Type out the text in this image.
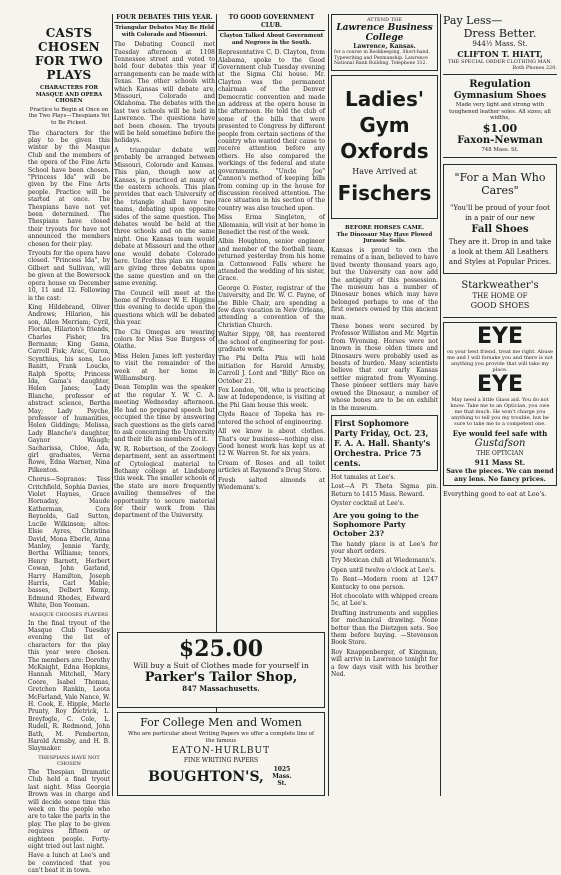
CASTS CHOSEN FOR TWO PLAYS
CHARACTERS FOR MASQUE AND OPERA CHOSEN
Practice to Begin at Once on the Two Plays—Thespians Yet to Be Picked.

The characters for the play to be given this winter by the Masque Club and the members of the opera of the Fine Arts School have been chosen. "Princess Ida" will be given by the Fine Arts people. Practice will be started at once. The Thespians have not yet been determined. The Thespians have closed their tryouts for have not announced the members chosen for their play.

Tryouts for the opera have closed. "Princess Ida", by Gilbert and Sullivan, will be given at the Bowersock opera house on December 10, 11 and 12. Following is the cast:

King Hildebrand, Oliver Andrews; Hilarion, his son, Allen Merriam; Cyril, Florian, Hilarion's friends, Charles Fisher, Ira Bermann; King Gama, Carroll Fisk; Arac, Guron, Scynthius, his sons, Leo Banitt, Frank Loucks, Ralph Spotts; Princess Ida, Gama's daughter, Helen Janes; Lady Blanche, professor of abstract science, Bertha May; Lady Psyche, professor of humanities, Helen Giddings; Melissa, Lady Blanche's daughter, Gaynor Waugh; Sacharissa, Chloe, Ada, girl graduates, Verna Rowe, Edna Warner, Nina Pilkenton.

Chorus—Sopranos: Tess Critchfield, Sophia Davies, Violet Haynes, Grace Hornaday, Maude Katherman, Cora Reynolds, Gail Sutton, Lucile Wilkinson; altos: Elsie Ayres, Christina David, Mona Eberle, Anna Manley, Jennie Yardy, Bertha Williams; tenors, Henry Barnett, Herbert Cowan, John Garland, Harry Hamilton, Joseph Harris, Carl Mabie; basses, Delbert Kemp, Edmund Rhodes, Edward White, Don Yeoman.

MASQUE CHOOSES PLAYERS

In the final tryout of the Masque Club Tuesday evening the list of characters for the play this year were chosen. The members are: Dorothy McKnight, Edna Hopkins, Hannah Mitchell, Mary Coore, Isabel Thomas, Gretchen Rankin, Leota McFarland, Vale Nance, W. H. Cook, E. Hipple, Merle Prunty, Roy Dietrick, L. Breyfogle, C. Cole, L. Rudell, R. Redmond, John Bath, M. Pemberton, Harold Armsby, and H. B. Slaymaker.

THESPIANS HAVE NOT CHOSEN

The Thespian Dramatic Club held a final tryout last night. Miss Georgia Brown was in charge and will decide some time this week on the people who are to take the parts in the play. The play to be given requires fifteen or eighteen people. Forty-eight tried out last night.

Have a lunch at Lee's and be convinced that you can't beat it in town.

FOUR DEBATES THIS YEAR.
Triangular Debates May Be Held with Colorado and Missouri.

The Debating Council met Tuesday afternoon at 1108 Tennessee street and voted to hold four debates this year if arrangements can be made with Texas. The other schools with which Kansas will debate are, Missouri, Colorado and Oklahoma. The debates with the last two schools will be held in Lawrence. The questions have not been chosen. The tryouts will be held sometime before the holidays.

A triangular debate will probably be arranged between Missouri, Colorado and Kansas. This plan, though new at Kansas, is practiced at many of the eastern schools. This plan provides that each University of the triangle shall have two teams, debating upon opposite sides of the same question. The debates would be held at the three schools and on the same night. One Kansas team would debate at Missouri and the other one would debate Colorado here. Under this plan six teams are giving three debates upon the same question and on the same evening.

The Council will meet at the home of Professor W. E. Higgins this evening to decide upon the questions which will be debated this year.

The Chi Omegas are wearing colors for Miss Sue Burgess of Olathe.

Miss Helen Janes left yesterday to visit the remainder of the week at her home in Williamsburg.

Dean Templin was the speaker at the regular Y. W. C. A. meeting Wednesday afternoon. He had no prepared speech but occupied the time by answering such questions as the girls cared to ask concerning the University and their life as members of it.

W. R. Robertson, of the Zoology department, sent an assortment of Cytological material to Bethany college at Lindsborg this week. The smaller schools of the state are more frequently availing themselves of the opportunity to secure material for their work from this department of the University.

TO GOOD GOVERNMENT CLUB.
Clayton Talked About Government and Negroes in the South.

Representative C. D. Clayton, from Alabama, spoke to the Good Government club Tuesday evening at the Sigma Chi house. Mr. Clayton was the permanent chairman of the Denver Democratic convention and made an address at the opera house in the afternoon. He told the club of some of the bills that were presented to Congress by different people from certain sections of the country who wanted their cause to receive attention before any others. He also compared the workings of the federal and state governments. "Uncle Joe" Cannon's method of keeping bills from coming up in the house for discussion received attention. The race situation in his section of the country was also touched upon.

Miss Erma Singleton, of Allemania, will visit at her home in Benedict the rest of the week.

Albin Houghton, senior engineer and member of the football team, returned yesterday from his home in Cottonwood Falls where he attended the wedding of his sister, Grace.

George O. Foster, registrar of the University, and Dr. W. C. Payne, of the Bible Chair, are spending a few days vacation in New Orleans, attending a convention of the Christian Church.

Walter Sippy, '08, has reentered the school of engineering for post-graduate work.

The Phi Delta Phis will hold initiation for Harold Armsby, Carroll J. Lord and "Billy" Rice on October 21.

Fox London, '08, who is practicing law at Independence, is visiting at the Phi Gam house this week.

Clyde Reace of Topeka has re-entered the school of engineering.

All we know is about clothes. That's our business—nothing else. Good honest work has kept us at 12 W. Warren St. for six years.

Cream of Roses and all toilet articles at Raymond's Drug Store.

Fresh salted almonds at Wiedemann's.

$25.00
Will buy a Suit of Clothes made for yourself in
Parker's Tailor Shop,
847 Massachusetts.
For College Men and Women
Who are particular about Writing Papers we offer a complete line of the famous
EATON-HURLBUT
FINE WRITING PAPERS
BOUGHTON'S,	1025 Mass. St.
ATTEND THE
Lawrence Business College
Lawrence, Kansas.
for a course in Bookkeeping, Short-hand, Typewriting and Penmanship. Lawrence National Bank Building. Telephone 312.
Ladies'
Gym
Oxfords
Have Arrived at
Fischers
BEFORE HORSES CAME.
The Dinosaur May Have Plowed Jurassic Soils.

Kansas is proud to own the remains of a man, believed to have lived twenty thousand years ago, but the University can now add the antiquity of this possession. The museum has a number of Dinosaur bones which may have belonged perhaps to one of the first owners owned by this ancient man.

These bones were secured by Professor Williston and Mr. Mgrtin from Wyoming. Horses were not known in those olden times and Dinosaurs were probably used as beasts of burden. Many scientists believe that our early Kansas settler migrated from Wyoming. These pioneer settlers may have owned the Dinosaur, a number of whose bones are to be on exhibit in the museum.

First Sophomore Party Friday, Oct. 23, F. A. A. Hall. Shanty's Orchestra. Price 75 cents.

Hot tamales at Lee's.

Lost—A Pi Theta Sigma pin. Return to 1415 Mass. Reward.

Oyster cocktail at Lee's.

Are you going to the Sophomore Party October 23?

The handy place is at Lee's for your short orders.

Try Mexican chili at Wiedemann's.

Open until twelve o'clock at Lee's.

To Rent—Modern room at 1247 Kentucky to one person.

Hot chocolate with whipped cream 5c, at Lee's.

Drafting instruments and supplies for mechanical drawing. None better than the Dietzgen sets. See them before buying. —Stevenson Book Store.

Roy Knappenberger, of Kingman, will arrive in Lawrence tonight for a few days visit with his brother Ned.

Pay Less—
Dress Better.
944½ Mass. St.
CLIFTON T. HIATT,
THE SPECIAL ORDER CLOTHING MAN.
Both Phones 220.
Regulation
Gymnasium Shoes
Made very light and strong with toughened leather soles. All sizes; all widths,
$1.00
Faxon-Newman
748 Mass. St.
"For a Man Who Cares"
"You'll be proud of your foot in a pair of our new
Fall Shoes
They are it. Drop in and take a look at them All Leathers and Styles at Popular Prices.
Starkweather's
THE HOME OF
GOOD SHOES
EYE
on your best friend, treat me right. Abuse me and I will forsake you and there is not anything you provide that will take my place.
EYE
May need a little Glass aid. You do not know. Take me to an Optician, you owe me that much. He won't charge you anything to tell you my trouble, but be sure to take me to a competent one.
Eye would feel safe with
Gustafson
THE OPTICIAN
911 Mass St.
Save the pieces. We can mend any lens. No fancy prices.
Everything good to eat at Lee's.
